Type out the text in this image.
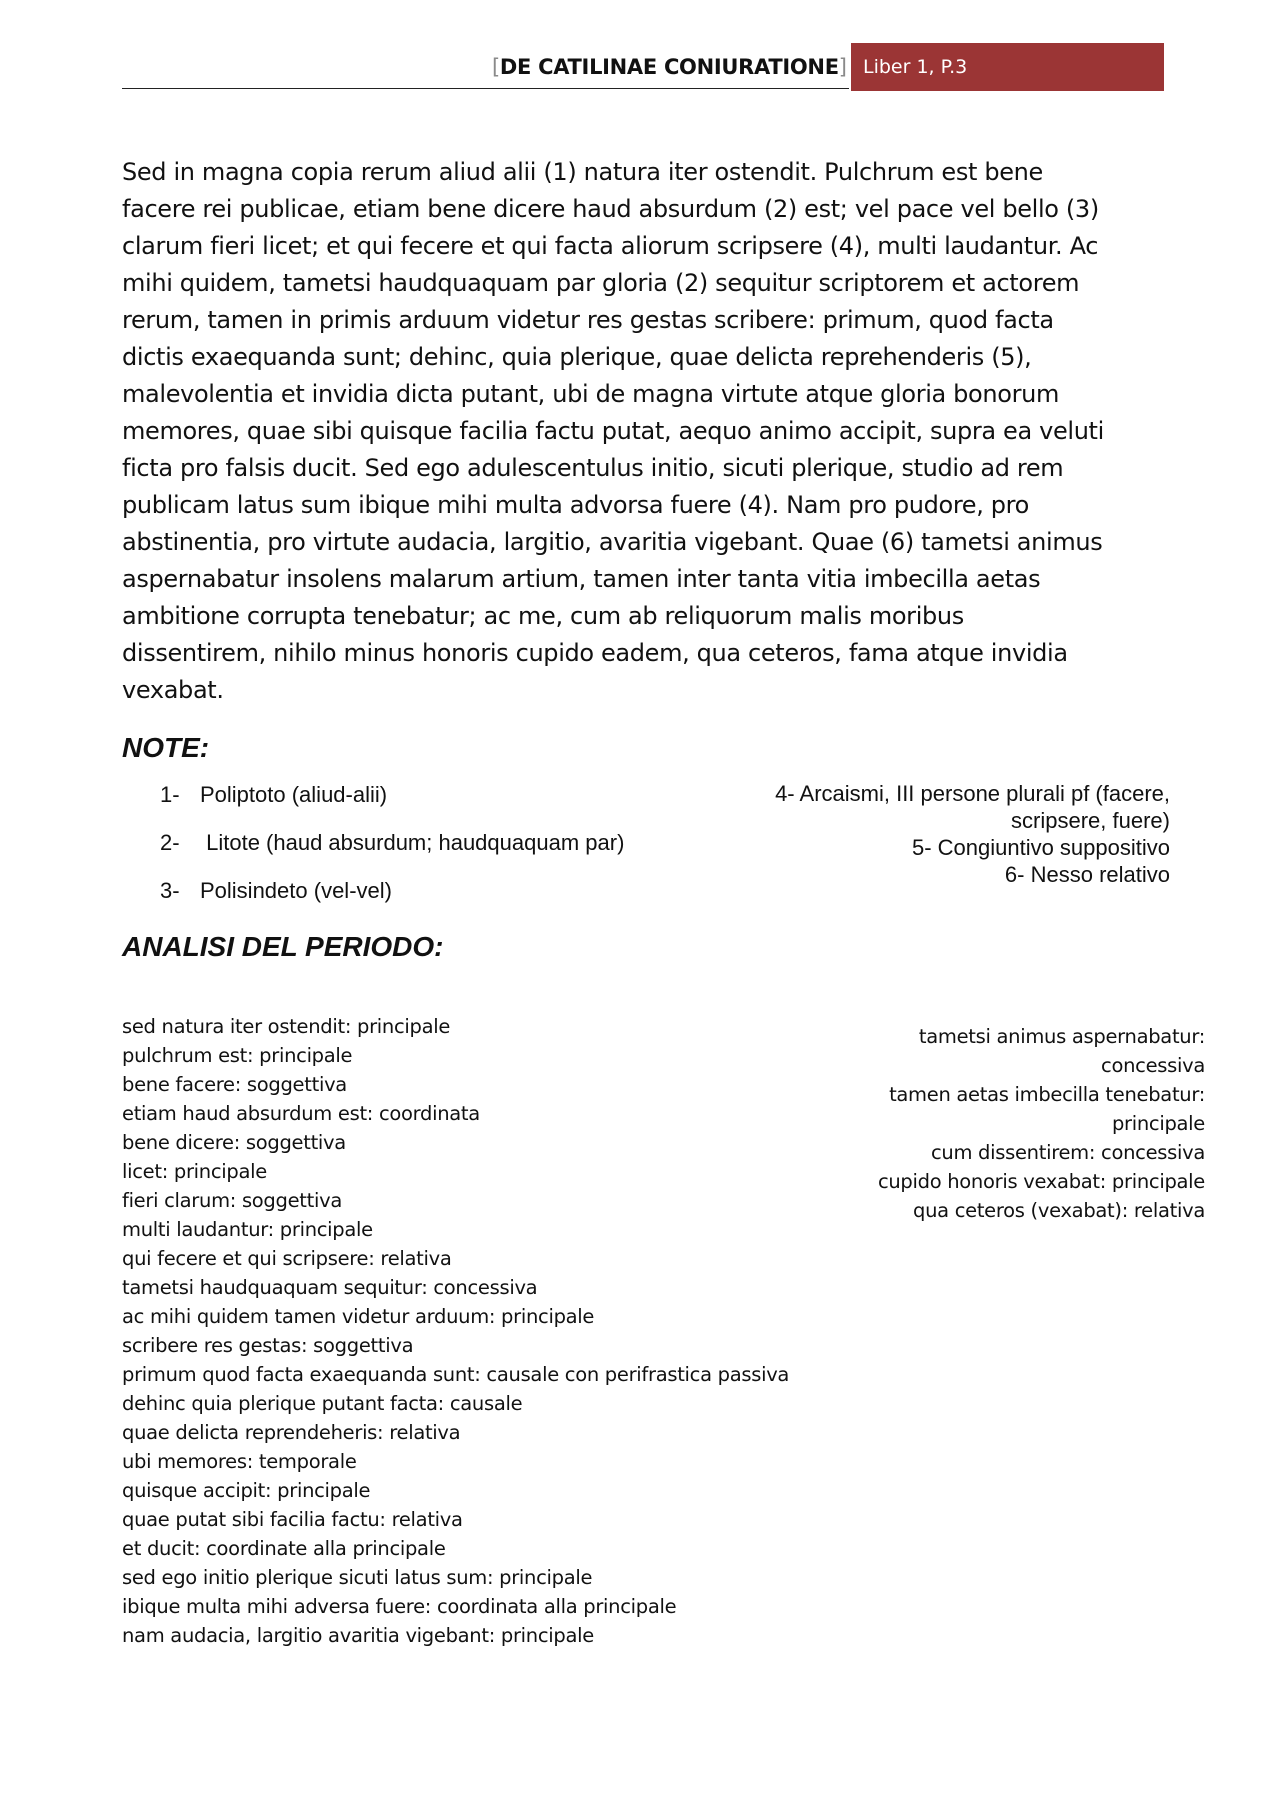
[DE CATILINAE CONIURATIONE] Liber 1, P.3
Sed in magna copia rerum aliud alii (1) natura iter ostendit. Pulchrum est bene
facere rei publicae, etiam bene dicere haud absurdum (2) est; vel pace vel bello (3)
clarum fieri licet; et qui fecere et qui facta aliorum scripsere (4), multi laudantur. Ac
mihi quidem, tametsi haudquaquam par gloria (2) sequitur scriptorem et actorem
rerum, tamen in primis arduum videtur res gestas scribere: primum, quod facta
dictis exaequanda sunt; dehinc, quia plerique, quae delicta reprehenderis (5),
malevolentia et invidia dicta putant, ubi de magna virtute atque gloria bonorum
memores, quae sibi quisque facilia factu putat, aequo animo accipit, supra ea veluti
ficta pro falsis ducit. Sed ego adulescentulus initio, sicuti plerique, studio ad rem
publicam latus sum ibique mihi multa advorsa fuere (4). Nam pro pudore, pro
abstinentia, pro virtute audacia, largitio, avaritia vigebant. Quae (6) tametsi animus
aspernabatur insolens malarum artium, tamen inter tanta vitia imbecilla aetas
ambitione corrupta tenebatur; ac me, cum ab reliquorum malis moribus
dissentirem, nihilo minus honoris cupido eadem, qua ceteros, fama atque invidia
vexabat.
NOTE:
1- Poliptoto (aliud-alii)
2- Litote (haud absurdum; haudquaquam par)
3- Polisindeto (vel-vel)
4- Arcaismi, III persone plurali pf (facere,
scripsere, fuere)
5- Congiuntivo suppositivo
6- Nesso relativo
ANALISI DEL PERIODO:
sed natura iter ostendit: principale
pulchrum est: principale
bene facere: soggettiva
etiam haud absurdum est: coordinata
bene dicere: soggettiva
licet: principale
fieri clarum: soggettiva
multi laudantur: principale
qui fecere et qui scripsere: relativa
tametsi haudquaquam sequitur: concessiva
ac mihi quidem tamen videtur arduum: principale
scribere res gestas: soggettiva
primum quod facta exaequanda sunt: causale con perifrastica passiva
dehinc quia plerique putant facta: causale
quae delicta reprendeheris: relativa
ubi memores: temporale
quisque accipit: principale
quae putat sibi facilia factu: relativa
et ducit: coordinate alla principale
sed ego initio plerique sicuti latus sum: principale
ibique multa mihi adversa fuere: coordinata alla principale
nam audacia, largitio avaritia vigebant: principale
tametsi animus aspernabatur:
concessiva
tamen aetas imbecilla tenebatur:
principale
cum dissentirem: concessiva
cupido honoris vexabat: principale
qua ceteros (vexabat): relativa
